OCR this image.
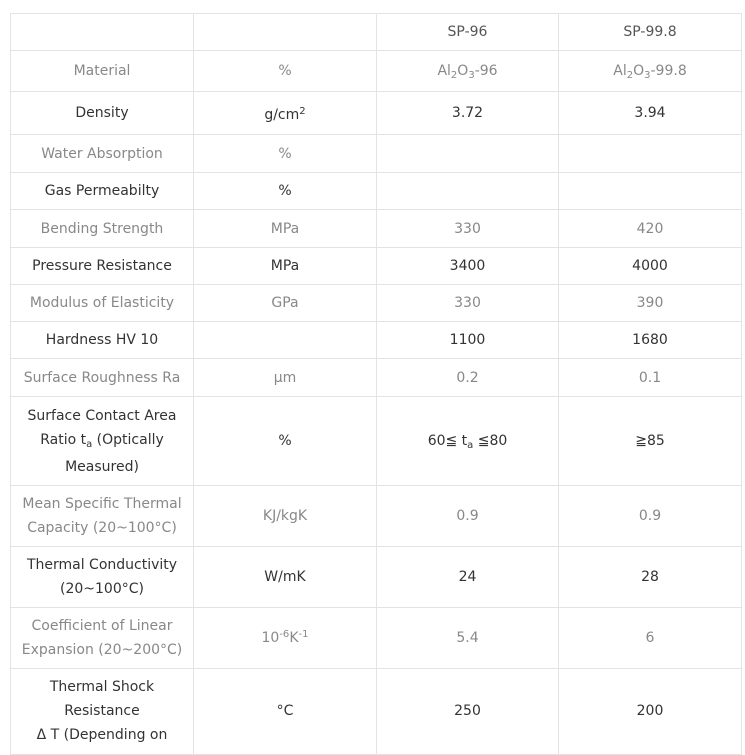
		SP-96	SP-99.8
Material	%	$Al_2O_3-96$	$Al_2O_3-99.8$
Density	$g/cm^2$	3.72	3.94
Water Absorption	%		
Gas Permeabilty	%		
Bending Strength	MPa	330	420
Pressure Resistance	MPa	3400	4000
Modulus of Elasticity	GPa	330	390
Hardness HV 10		1100	1680
Surface Roughness Ra	μm	0.2	0.1

Surface Contact Area
Ratio $t_a$ (Optically
Measured)	%	60≦ $t_a$ ≦80	≧85

Mean Specific Thermal
Capacity (20~100°C)	KJ/kgK	0.9	0.9

Thermal Conductivity
(20~100°C)	W/mK	24	28

Coefficient of Linear
Expansion (20~200°C)	$10^{-6}K^{-1}$	5.4	6

Thermal Shock Resistance
Δ T (Depending on	°C	250	200
